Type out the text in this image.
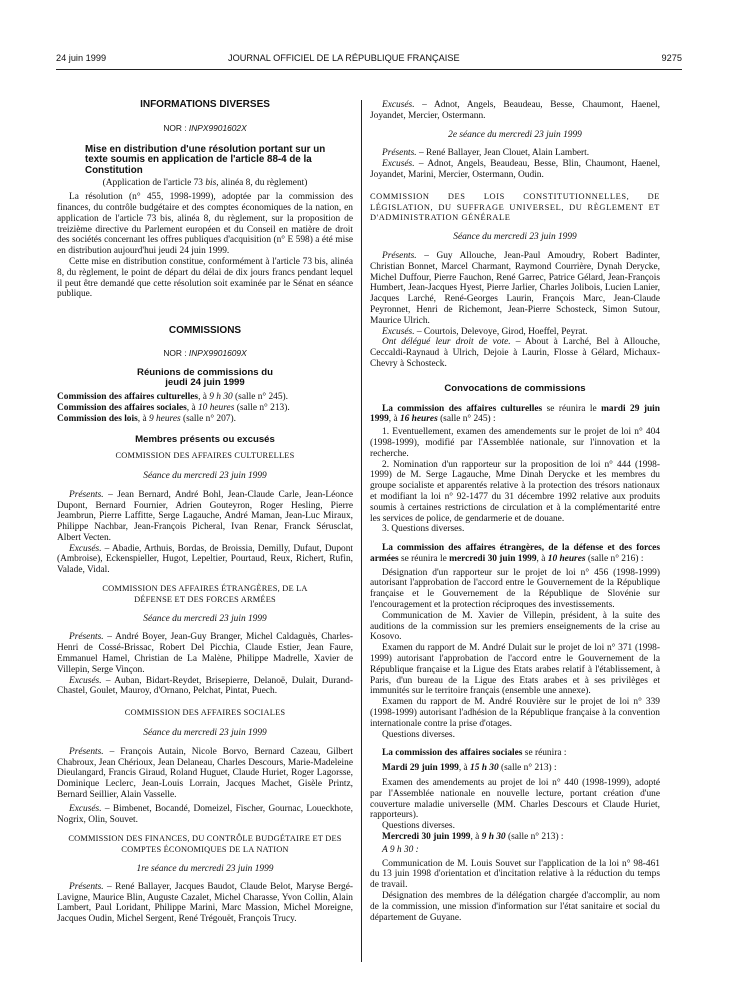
24 juin 1999	JOURNAL OFFICIEL DE LA RÉPUBLIQUE FRANÇAISE	9275

INFORMATIONS DIVERSES

NOR : INPX9901602X

Mise en distribution d'une résolution portant sur un texte soumis en application de l'article 88-4 de la Constitution

(Application de l'article 73 bis, alinéa 8, du règlement)

La résolution (n° 455, 1998-1999), adoptée par la commission des finances, du contrôle budgétaire et des comptes économiques de la nation, en application de l'article 73 bis, alinéa 8, du règlement, sur la proposition de treizième directive du Parlement européen et du Conseil en matière de droit des sociétés concernant les offres publiques d'acquisition (n° E 598) a été mise en distribution aujourd'hui jeudi 24 juin 1999.

Cette mise en distribution constitue, conformément à l'article 73 bis, alinéa 8, du règlement, le point de départ du délai de dix jours francs pendant lequel il peut être demandé que cette résolution soit examinée par le Sénat en séance publique.

COMMISSIONS

NOR : INPX9901609X

Réunions de commissions du jeudi 24 juin 1999

Commission des affaires culturelles, à 9 h 30 (salle n° 245).

Commission des affaires sociales, à 10 heures (salle n° 213).

Commission des lois, à 9 heures (salle n° 207).

Membres présents ou excusés

COMMISSION DES AFFAIRES CULTURELLES

Séance du mercredi 23 juin 1999

Présents. – Jean Bernard, André Bohl, Jean-Claude Carle, Jean-Léonce Dupont, Bernard Fournier, Adrien Gouteyron, Roger Hesling, Pierre Jeambrun, Pierre Laffitte, Serge Lagauche, André Maman, Jean-Luc Miraux, Philippe Nachbar, Jean-François Picheral, Ivan Renar, Franck Sérusclat, Albert Vecten.

Excusés. – Abadie, Arthuis, Bordas, de Broissia, Demilly, Dufaut, Dupont (Ambroise), Eckenspieller, Hugot, Lepeltier, Pourtaud, Reux, Richert, Rufin, Valade, Vidal.

COMMISSION DES AFFAIRES ÉTRANGÈRES, DE LA DÉFENSE ET DES FORCES ARMÉES

Séance du mercredi 23 juin 1999

Présents. – André Boyer, Jean-Guy Branger, Michel Caldaguès, Charles-Henri de Cossé-Brissac, Robert Del Picchia, Claude Estier, Jean Faure, Emmanuel Hamel, Christian de La Malène, Philippe Madrelle, Xavier de Villepin, Serge Vinçon.

Excusés. – Auban, Bidart-Reydet, Brisepierre, Delanoë, Dulait, Durand-Chastel, Goulet, Mauroy, d'Ornano, Pelchat, Pintat, Puech.

COMMISSION DES AFFAIRES SOCIALES

Séance du mercredi 23 juin 1999

Présents. – François Autain, Nicole Borvo, Bernard Cazeau, Gilbert Chabroux, Jean Chérioux, Jean Delaneau, Charles Descours, Marie-Madeleine Dieulangard, Francis Giraud, Roland Huguet, Claude Huriet, Roger Lagorsse, Dominique Leclerc, Jean-Louis Lorrain, Jacques Machet, Gisèle Printz, Bernard Seillier, Alain Vasselle.

Excusés. – Bimbenet, Bocandé, Domeizel, Fischer, Gournac, Loueckhote, Nogrix, Olin, Souvet.

COMMISSION DES FINANCES, DU CONTRÔLE BUDGÉTAIRE ET DES COMPTES ÉCONOMIQUES DE LA NATION

1re séance du mercredi 23 juin 1999

Présents. – René Ballayer, Jacques Baudot, Claude Belot, Maryse Bergé-Lavigne, Maurice Blin, Auguste Cazalet, Michel Charasse, Yvon Collin, Alain Lambert, Paul Loridant, Philippe Marini, Marc Massion, Michel Moreigne, Jacques Oudin, Michel Sergent, René Trégouët, François Trucy.

Excusés. – Adnot, Angels, Beaudeau, Besse, Chaumont, Haenel, Joyandet, Mercier, Ostermann.

2e séance du mercredi 23 juin 1999

Présents. – René Ballayer, Jean Clouet, Alain Lambert.

Excusés. – Adnot, Angels, Beaudeau, Besse, Blin, Chaumont, Haenel, Joyandet, Marini, Mercier, Ostermann, Oudin.

COMMISSION DES LOIS CONSTITUTIONNELLES, DE LÉGISLATION, DU SUFFRAGE UNIVERSEL, DU RÈGLEMENT ET D'ADMINISTRATION GÉNÉRALE

Séance du mercredi 23 juin 1999

Présents. – Guy Allouche, Jean-Paul Amoudry, Robert Badinter, Christian Bonnet, Marcel Charmant, Raymond Courrière, Dynah Derycke, Michel Duffour, Pierre Fauchon, René Garrec, Patrice Gélard, Jean-François Humbert, Jean-Jacques Hyest, Pierre Jarlier, Charles Jolibois, Lucien Lanier, Jacques Larché, René-Georges Laurin, François Marc, Jean-Claude Peyronnet, Henri de Richemont, Jean-Pierre Schosteck, Simon Sutour, Maurice Ulrich.

Excusés. – Courtois, Delevoye, Girod, Hoeffel, Peyrat.

Ont délégué leur droit de vote. – About à Larché, Bel à Allouche, Ceccaldi-Raynaud à Ulrich, Dejoie à Laurin, Flosse à Gélard, Michaux-Chevry à Schosteck.

Convocations de commissions

La commission des affaires culturelles se réunira le mardi 29 juin 1999, à 16 heures (salle n° 245) :

1. Eventuellement, examen des amendements sur le projet de loi n° 404 (1998-1999), modifié par l'Assemblée nationale, sur l'innovation et la recherche.

2. Nomination d'un rapporteur sur la proposition de loi n° 444 (1998-1999) de M. Serge Lagauche, Mme Dinah Derycke et les membres du groupe socialiste et apparentés relative à la protection des trésors nationaux et modifiant la loi n° 92-1477 du 31 décembre 1992 relative aux produits soumis à certaines restrictions de circulation et à la complémentarité entre les services de police, de gendarmerie et de douane.

3. Questions diverses.

La commission des affaires étrangères, de la défense et des forces armées se réunira le mercredi 30 juin 1999, à 10 heures (salle n° 216) :

Désignation d'un rapporteur sur le projet de loi n° 456 (1998-1999) autorisant l'approbation de l'accord entre le Gouvernement de la République française et le Gouvernement de la République de Slovénie sur l'encouragement et la protection réciproques des investissements.

Communication de M. Xavier de Villepin, président, à la suite des auditions de la commission sur les premiers enseignements de la crise au Kosovo.

Examen du rapport de M. André Dulait sur le projet de loi n° 371 (1998-1999) autorisant l'approbation de l'accord entre le Gouvernement de la République française et la Ligue des Etats arabes relatif à l'établissement, à Paris, d'un bureau de la Ligue des Etats arabes et à ses privilèges et immunités sur le territoire français (ensemble une annexe).

Examen du rapport de M. André Rouvière sur le projet de loi n° 339 (1998-1999) autorisant l'adhésion de la République française à la convention internationale contre la prise d'otages.

Questions diverses.

La commission des affaires sociales se réunira :

Mardi 29 juin 1999, à 15 h 30 (salle n° 213) :

Examen des amendements au projet de loi n° 440 (1998-1999), adopté par l'Assemblée nationale en nouvelle lecture, portant création d'une couverture maladie universelle (MM. Charles Descours et Claude Huriet, rapporteurs).

Questions diverses.

Mercredi 30 juin 1999, à 9 h 30 (salle n° 213) :

A 9 h 30 :

Communication de M. Louis Souvet sur l'application de la loi n° 98-461 du 13 juin 1998 d'orientation et d'incitation relative à la réduction du temps de travail.

Désignation des membres de la délégation chargée d'accomplir, au nom de la commission, une mission d'information sur l'état sanitaire et social du département de Guyane.
